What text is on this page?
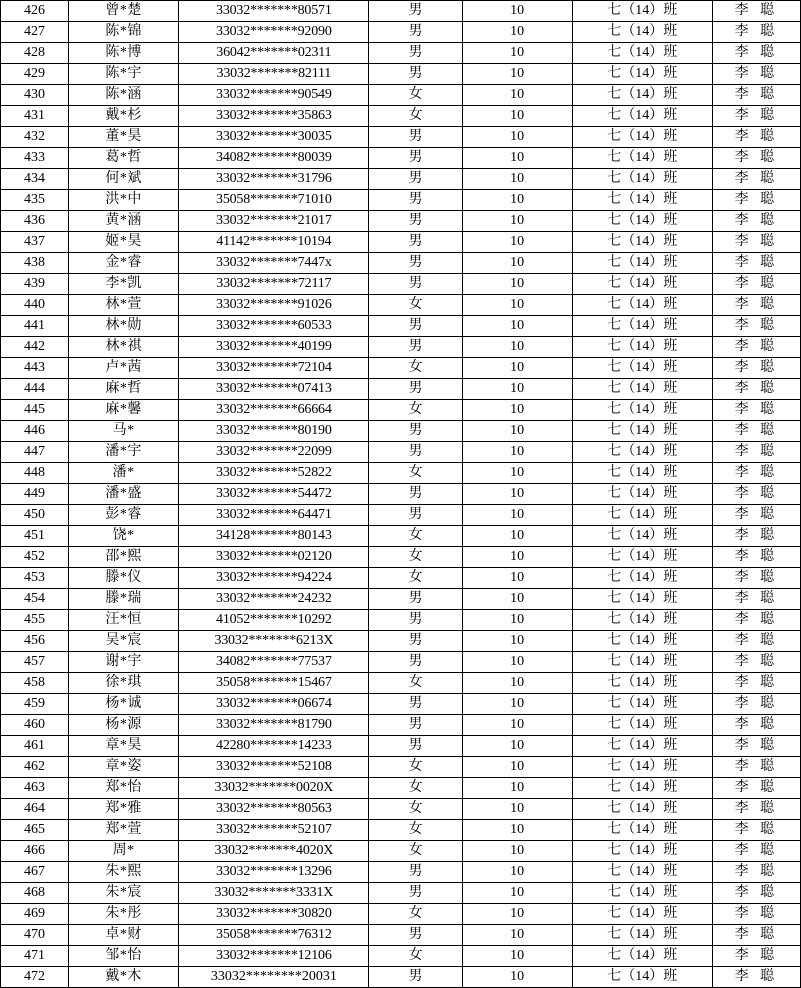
426	曾*楚	33032*******80571	男	10	七（14）班	李 聪
427	陈*锦	33032*******92090	男	10	七（14）班	李 聪
428	陈*博	36042*******02311	男	10	七（14）班	李 聪
429	陈*宇	33032*******82111	男	10	七（14）班	李 聪
430	陈*涵	33032*******90549	女	10	七（14）班	李 聪
431	戴*杉	33032*******35863	女	10	七（14）班	李 聪
432	董*昊	33032*******30035	男	10	七（14）班	李 聪
433	葛*哲	34082*******80039	男	10	七（14）班	李 聪
434	何*斌	33032*******31796	男	10	七（14）班	李 聪
435	洪*中	35058*******71010	男	10	七（14）班	李 聪
436	黄*涵	33032*******21017	男	10	七（14）班	李 聪
437	姬*昊	41142*******10194	男	10	七（14）班	李 聪
438	金*睿	33032*******7447x	男	10	七（14）班	李 聪
439	李*凯	33032*******72117	男	10	七（14）班	李 聪
440	林*萱	33032*******91026	女	10	七（14）班	李 聪
441	林*勋	33032*******60533	男	10	七（14）班	李 聪
442	林*祺	33032*******40199	男	10	七（14）班	李 聪
443	卢*茜	33032*******72104	女	10	七（14）班	李 聪
444	麻*哲	33032*******07413	男	10	七（14）班	李 聪
445	麻*馨	33032*******66664	女	10	七（14）班	李 聪
446	马*	33032*******80190	男	10	七（14）班	李 聪
447	潘*宇	33032*******22099	男	10	七（14）班	李 聪
448	潘*	33032*******52822	女	10	七（14）班	李 聪
449	潘*盛	33032*******54472	男	10	七（14）班	李 聪
450	彭*睿	33032*******64471	男	10	七（14）班	李 聪
451	饶*	34128*******80143	女	10	七（14）班	李 聪
452	邵*熙	33032*******02120	女	10	七（14）班	李 聪
453	滕*仪	33032*******94224	女	10	七（14）班	李 聪
454	滕*瑞	33032*******24232	男	10	七（14）班	李 聪
455	汪*恒	41052*******10292	男	10	七（14）班	李 聪
456	吴*宸	33032*******6213X	男	10	七（14）班	李 聪
457	谢*宇	34082*******77537	男	10	七（14）班	李 聪
458	徐*琪	35058*******15467	女	10	七（14）班	李 聪
459	杨*诚	33032*******06674	男	10	七（14）班	李 聪
460	杨*源	33032*******81790	男	10	七（14）班	李 聪
461	章*昊	42280*******14233	男	10	七（14）班	李 聪
462	章*姿	33032*******52108	女	10	七（14）班	李 聪
463	郑*怡	33032*******0020X	女	10	七（14）班	李 聪
464	郑*雅	33032*******80563	女	10	七（14）班	李 聪
465	郑*萱	33032*******52107	女	10	七（14）班	李 聪
466	周*	33032*******4020X	女	10	七（14）班	李 聪
467	朱*熙	33032*******13296	男	10	七（14）班	李 聪
468	朱*宸	33032*******3331X	男	10	七（14）班	李 聪
469	朱*彤	33032*******30820	女	10	七（14）班	李 聪
470	卓*财	35058*******76312	男	10	七（14）班	李 聪
471	邹*怡	33032*******12106	女	10	七（14）班	李 聪
472	戴*木	33032********20031	男	10	七（14）班	李 聪
